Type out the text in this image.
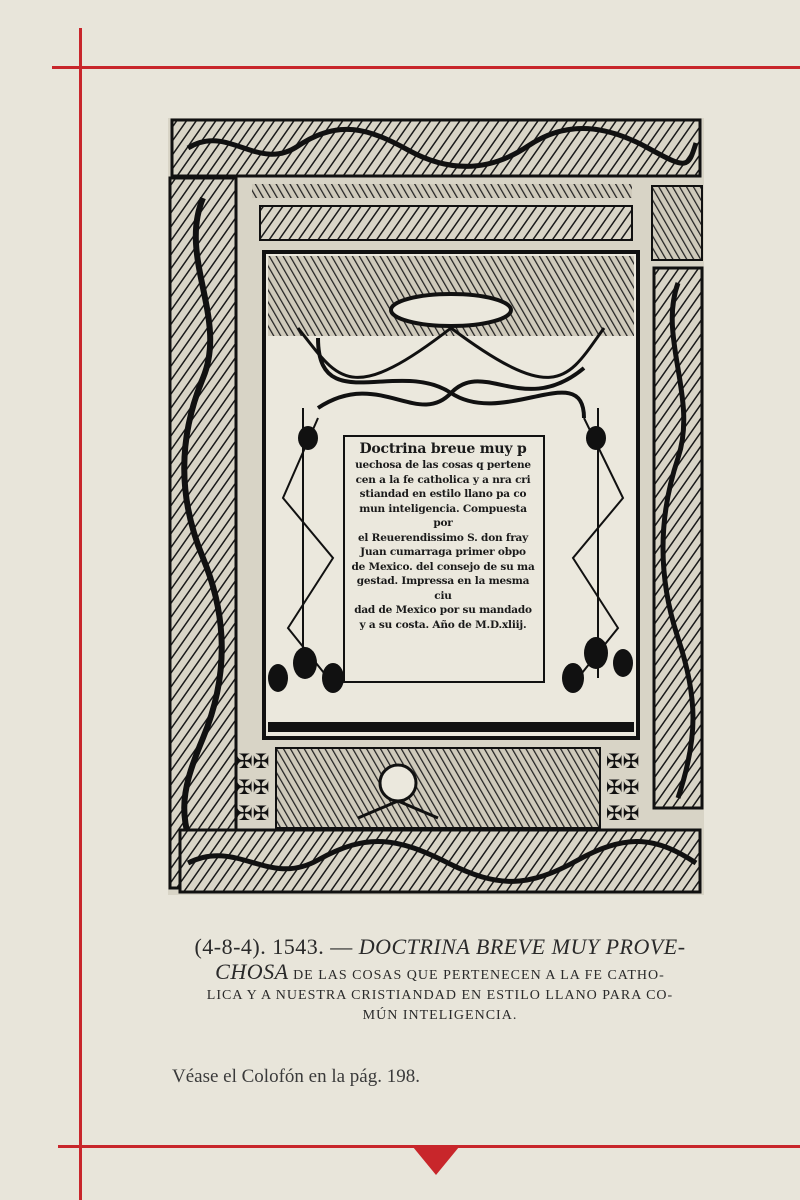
✠✠
✠✠
✠✠
✠✠
✠✠
✠✠
Doctrina breue muy p
uechosa de las cosas q pertene
cen a la fe catholica y a nra cri
stiandad en estilo llano pa co
mun inteligencia. Compuesta por
el Reuerendissimo S. don fray
Juan cumarraga primer obpo
de Mexico. del consejo de su ma
gestad. Impressa en la mesma ciu
dad de Mexico por su mandado
y a su costa. Año de M.D.xliij.
(4-8-4). 1543. — DOCTRINA BREVE MUY PROVE-
CHOSA DE LAS COSAS QUE PERTENECEN A LA FE CATHO-
LICA Y A NUESTRA CRISTIANDAD EN ESTILO LLANO PARA CO-
MÚN INTELIGENCIA.
Véase el Colofón en la pág. 198.
